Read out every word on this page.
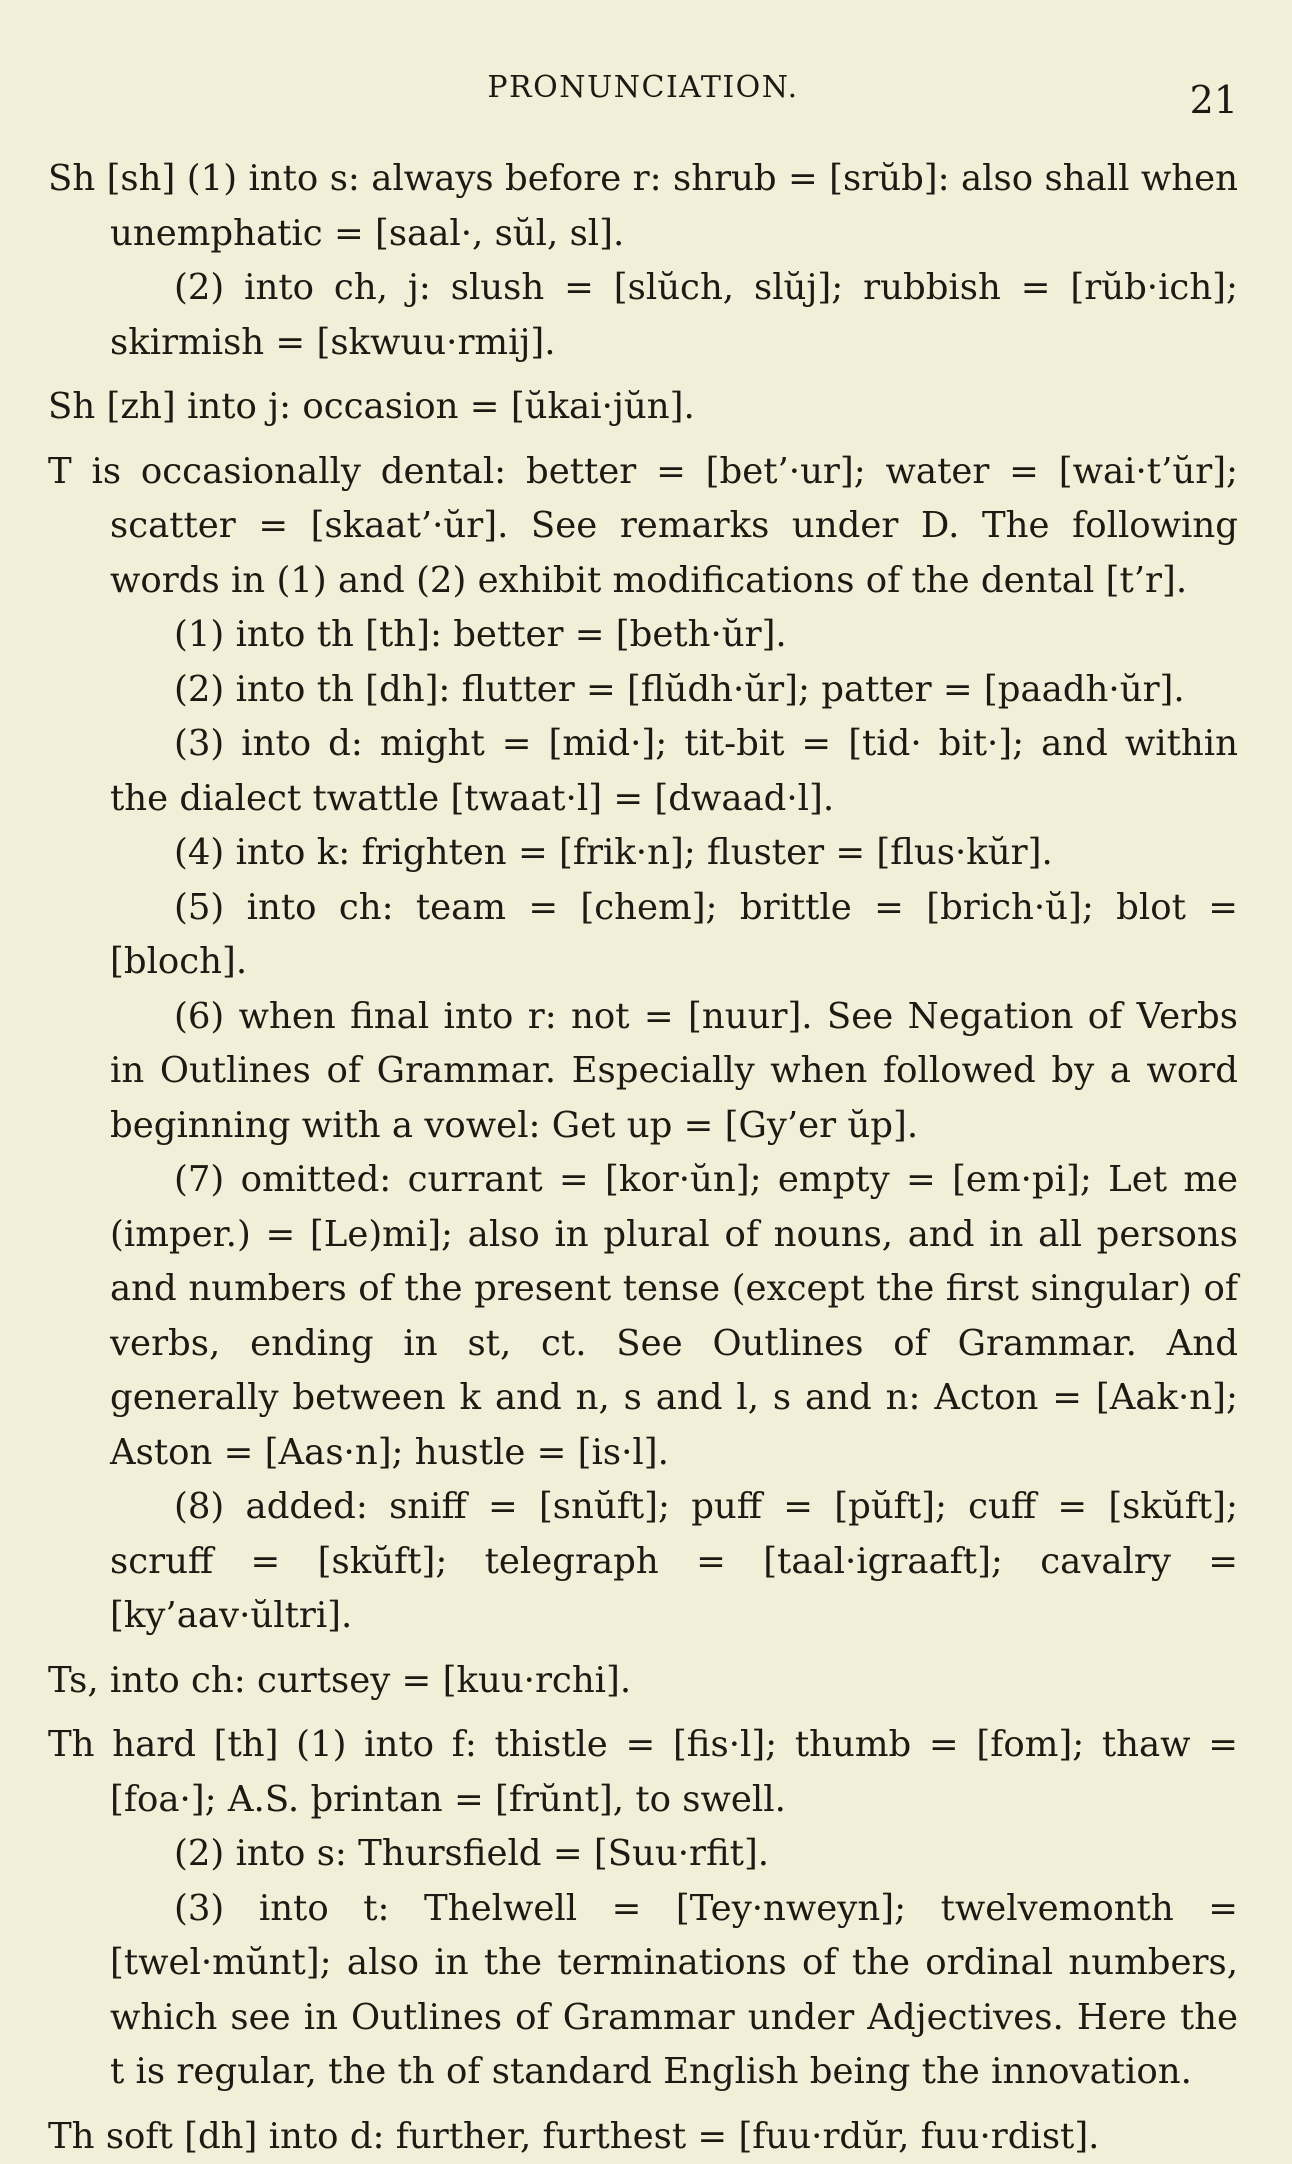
PRONUNCIATION.	21

Sh [sh] (1) into s: always before r: shrub = [srŭb]: also shall when unemphatic = [saal·, sŭl, sl].

(2) into ch, j: slush = [slŭch, slŭj]; rubbish = [rŭb·ich]; skirmish = [skwuu·rmij].

Sh [zh] into j: occasion = [ŭkai·jŭn].

T is occasionally dental: better = [bet’·ur]; water = [wai·t’ŭr]; scatter = [skaat’·ŭr]. See remarks under D. The following words in (1) and (2) exhibit modifications of the dental [t’r].

(1) into th [th]: better = [beth·ŭr].

(2) into th [dh]: flutter = [flŭdh·ŭr]; patter = [paadh·ŭr].

(3) into d: might = [mid·]; tit-bit = [tid· bit·]; and within the dialect twattle [twaat·l] = [dwaad·l].

(4) into k: frighten = [frik·n]; fluster = [flus·kŭr].

(5) into ch: team = [chem]; brittle = [brich·ŭ]; blot = [bloch].

(6) when final into r: not = [nuur]. See Negation of Verbs in Outlines of Grammar. Especially when followed by a word beginning with a vowel: Get up = [Gy’er ŭp].

(7) omitted: currant = [kor·ŭn]; empty = [em·pi]; Let me (imper.) = [Le)mi]; also in plural of nouns, and in all persons and numbers of the present tense (except the first singular) of verbs, ending in st, ct. See Outlines of Grammar. And generally between k and n, s and l, s and n: Acton = [Aak·n]; Aston = [Aas·n]; hustle = [is·l].

(8) added: sniff = [snŭft]; puff = [pŭft]; cuff = [skŭft]; scruff = [skŭft]; telegraph = [taal·igraaft]; cavalry = [ky’aav·ŭltri].

Ts, into ch: curtsey = [kuu·rchi].

Th hard [th] (1) into f: thistle = [fis·l]; thumb = [fom]; thaw = [foa·]; A.S. þrintan = [frŭnt], to swell.

(2) into s: Thursfield = [Suu·rfit].

(3) into t: Thelwell = [Tey·nweyn]; twelvemonth = [twel·mŭnt]; also in the terminations of the ordinal numbers, which see in Outlines of Grammar under Adjectives. Here the t is regular, the th of standard English being the innovation.

Th soft [dh] into d: further, furthest = [fuu·rdŭr, fuu·rdist].
